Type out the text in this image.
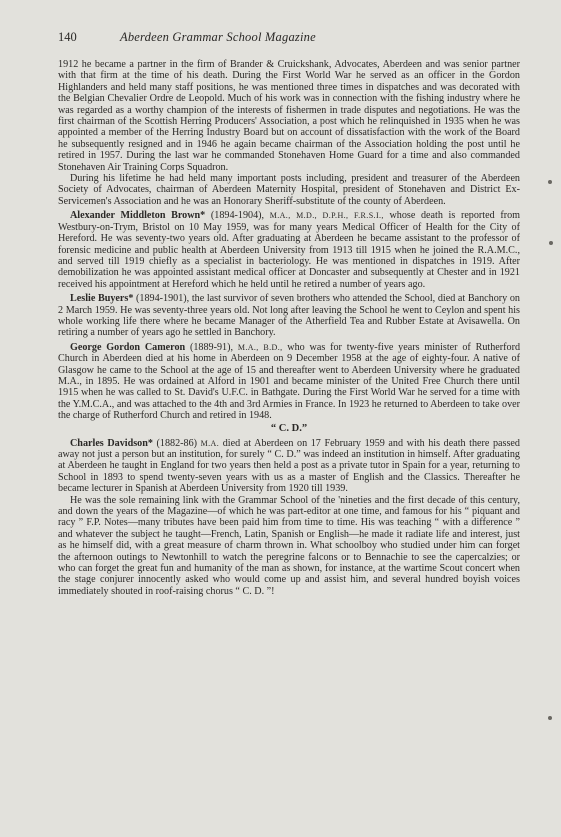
140	Aberdeen Grammar School Magazine

1912 he became a partner in the firm of Brander & Cruickshank, Advocates, Aberdeen and was senior partner with that firm at the time of his death. During the First World War he served as an officer in the Gordon Highlanders and held many staff positions, he was mentioned three times in dispatches and was decorated with the Belgian Chevalier Ordre de Leopold. Much of his work was in connection with the fishing industry where he was regarded as a worthy champion of the interests of fishermen in trade disputes and negotiations. He was the first chairman of the Scottish Herring Producers' Association, a post which he relinquished in 1935 when he was appointed a member of the Herring Industry Board but on account of dissatisfaction with the work of the Board he subsequently resigned and in 1946 he again became chairman of the Association holding the post until he retired in 1957. During the last war he commanded Stonehaven Home Guard for a time and also commanded Stonehaven Air Training Corps Squadron.

During his lifetime he had held many important posts including, president and treasurer of the Aberdeen Society of Advocates, chairman of Aberdeen Maternity Hospital, president of Stonehaven and District Ex-Servicemen's Association and he was an Honorary Sheriff-substitute of the county of Aberdeen.

Alexander Middleton Brown* (1894-1904), M.A., M.D., D.P.H., F.R.S.I., whose death is reported from Westbury-on-Trym, Bristol on 10 May 1959, was for many years Medical Officer of Health for the City of Hereford. He was seventy-two years old. After graduating at Aberdeen he became assistant to the professor of forensic medicine and public health at Aberdeen University from 1913 till 1915 when he joined the R.A.M.C., and served till 1919 chiefly as a specialist in bacteriology. He was mentioned in dispatches in 1919. After demobilization he was appointed assistant medical officer at Doncaster and subsequently at Chester and in 1921 received his appointment at Hereford which he held until he retired a number of years ago.

Leslie Buyers* (1894-1901), the last survivor of seven brothers who attended the School, died at Banchory on 2 March 1959. He was seventy-three years old. Not long after leaving the School he went to Ceylon and spent his whole working life there where he became Manager of the Atherfield Tea and Rubber Estate at Avisawella. On retiring a number of years ago he settled in Banchory.

George Gordon Cameron (1889-91), M.A., B.D., who was for twenty-five years minister of Rutherford Church in Aberdeen died at his home in Aberdeen on 9 December 1958 at the age of eighty-four. A native of Glasgow he came to the School at the age of 15 and thereafter went to Aberdeen University where he graduated M.A., in 1895. He was ordained at Alford in 1901 and became minister of the United Free Church there until 1915 when he was called to St. David's U.F.C. in Bathgate. During the First World War he served for a time with the Y.M.C.A., and was attached to the 4th and 3rd Armies in France. In 1923 he returned to Aberdeen to take over the charge of Rutherford Church and retired in 1948.

“ C. D.”

Charles Davidson* (1882-86) M.A. died at Aberdeen on 17 February 1959 and with his death there passed away not just a person but an institution, for surely “ C. D.” was indeed an institution in himself. After graduating at Aberdeen he taught in England for two years then held a post as a private tutor in Spain for a year, returning to School in 1893 to spend twenty-seven years with us as a master of English and the Classics. Thereafter he became lecturer in Spanish at Aberdeen University from 1920 till 1939.

He was the sole remaining link with the Grammar School of the 'nineties and the first decade of this century, and down the years of the Magazine—of which he was part-editor at one time, and famous for his “ piquant and racy ” F.P. Notes—many tributes have been paid him from time to time. His was teaching “ with a difference ” and whatever the subject he taught—French, Latin, Spanish or English—he made it radiate life and interest, just as he himself did, with a great measure of charm thrown in. What schoolboy who studied under him can forget the afternoon outings to Newtonhill to watch the peregrine falcons or to Bennachie to see the capercalzies; or who can forget the great fun and humanity of the man as shown, for instance, at the wartime Scout concert when the stage conjurer innocently asked who would come up and assist him, and several hundred boyish voices immediately shouted in roof-raising chorus “ C. D. ”!
